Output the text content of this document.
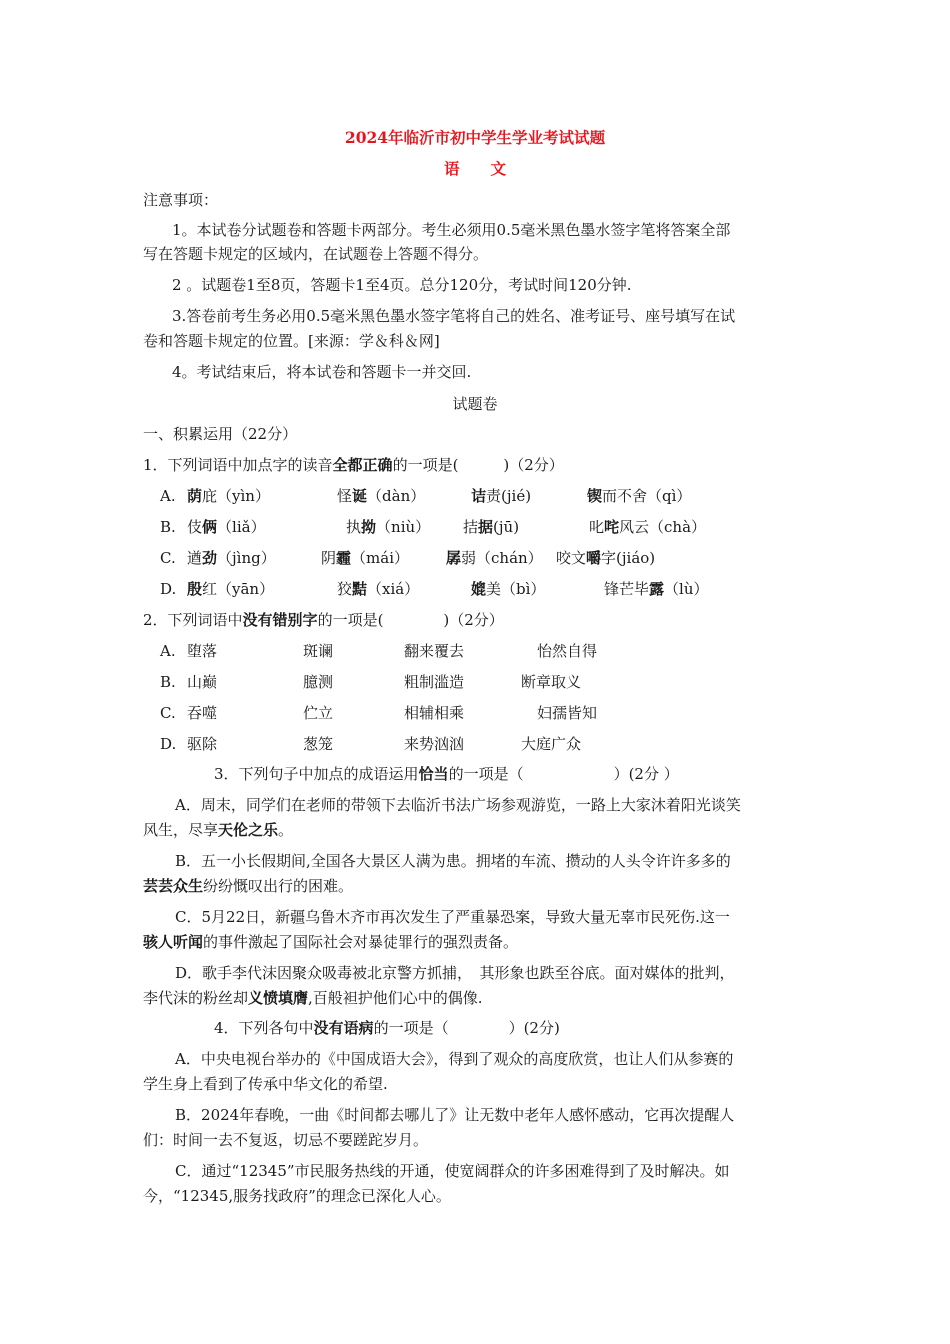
2024年临沂市初中学生学业考试试题
语　　文
注意事项：
1。本试卷分试题卷和答题卡两部分。考生必须用0.5毫米黑色墨水签字笔将答案全部
写在答题卡规定的区域内，在试题卷上答题不得分。
2 。试题卷1至8页，答题卡1至4页。总分120分，考试时间120分钟.
3.答卷前考生务必用0.5毫米黑色墨水签字笔将自己的姓名、准考证号、座号填写在试
卷和答题卡规定的位置。[来源：学＆科＆网]
4。考试结束后，将本试卷和答题卡一并交回.
试题卷
一、积累运用（22分）
1．下列词语中加点字的读音全都正确的一项是(　　　)（2分）
A. 荫庇（yìn）	怪诞（dàn）	诘责(jié)	锲而不舍（qì）
B. 伎俩（liǎ）	执拗（niù） 拮据(jū)	叱咤风云（chà）
C. 遒劲（jìng）	阴霾（mái） 孱弱（chán） 咬文嚼字(jiáo)
D. 殷红（yān）	狡黠（xiá）	媲美（bì）	锋芒毕露（lù）
2．下列词语中没有错别字的一项是(　　　　)（2分）
A. 堕落	斑谰	翻来覆去	怡然自得
B. 山巅	臆测	粗制滥造	断章取义
C. 吞噬	伫立	相辅相乘	妇孺皆知
D. 驱除	葱笼	来势汹汹	大庭广众
3．下列句子中加点的成语运用恰当的一项是（　　　　　　）(2分 ）
A．周末，同学们在老师的带领下去临沂书法广场参观游览，一路上大家沐着阳光谈笑
风生，尽享天伦之乐。
B．五一小长假期间,全国各大景区人满为患。拥堵的车流、攒动的人头令许许多多的
芸芸众生纷纷慨叹出行的困难。
C．5月22日，新疆乌鲁木齐市再次发生了严重暴恐案，导致大量无辜市民死伤.这一
骇人听闻的事件激起了国际社会对暴徒罪行的强烈责备。
D．歌手李代沫因聚众吸毒被北京警方抓捕，　其形象也跌至谷底。面对媒体的批判，
李代沫的粉丝却义愤填膺,百般袒护他们心中的偶像.
4．下列各句中没有语病的一项是（　　　　）(2分)
A．中央电视台举办的《中国成语大会》，得到了观众的高度欣赏，也让人们从参赛的
学生身上看到了传承中华文化的希望.
B．2024年春晚，一曲《时间都去哪儿了》让无数中老年人感怀感动，它再次提醒人
们：时间一去不复返，切忌不要蹉跎岁月。
C．通过“12345”市民服务热线的开通，使宽阔群众的许多困难得到了及时解决。如
今，“12345,服务找政府”的理念已深化人心。
